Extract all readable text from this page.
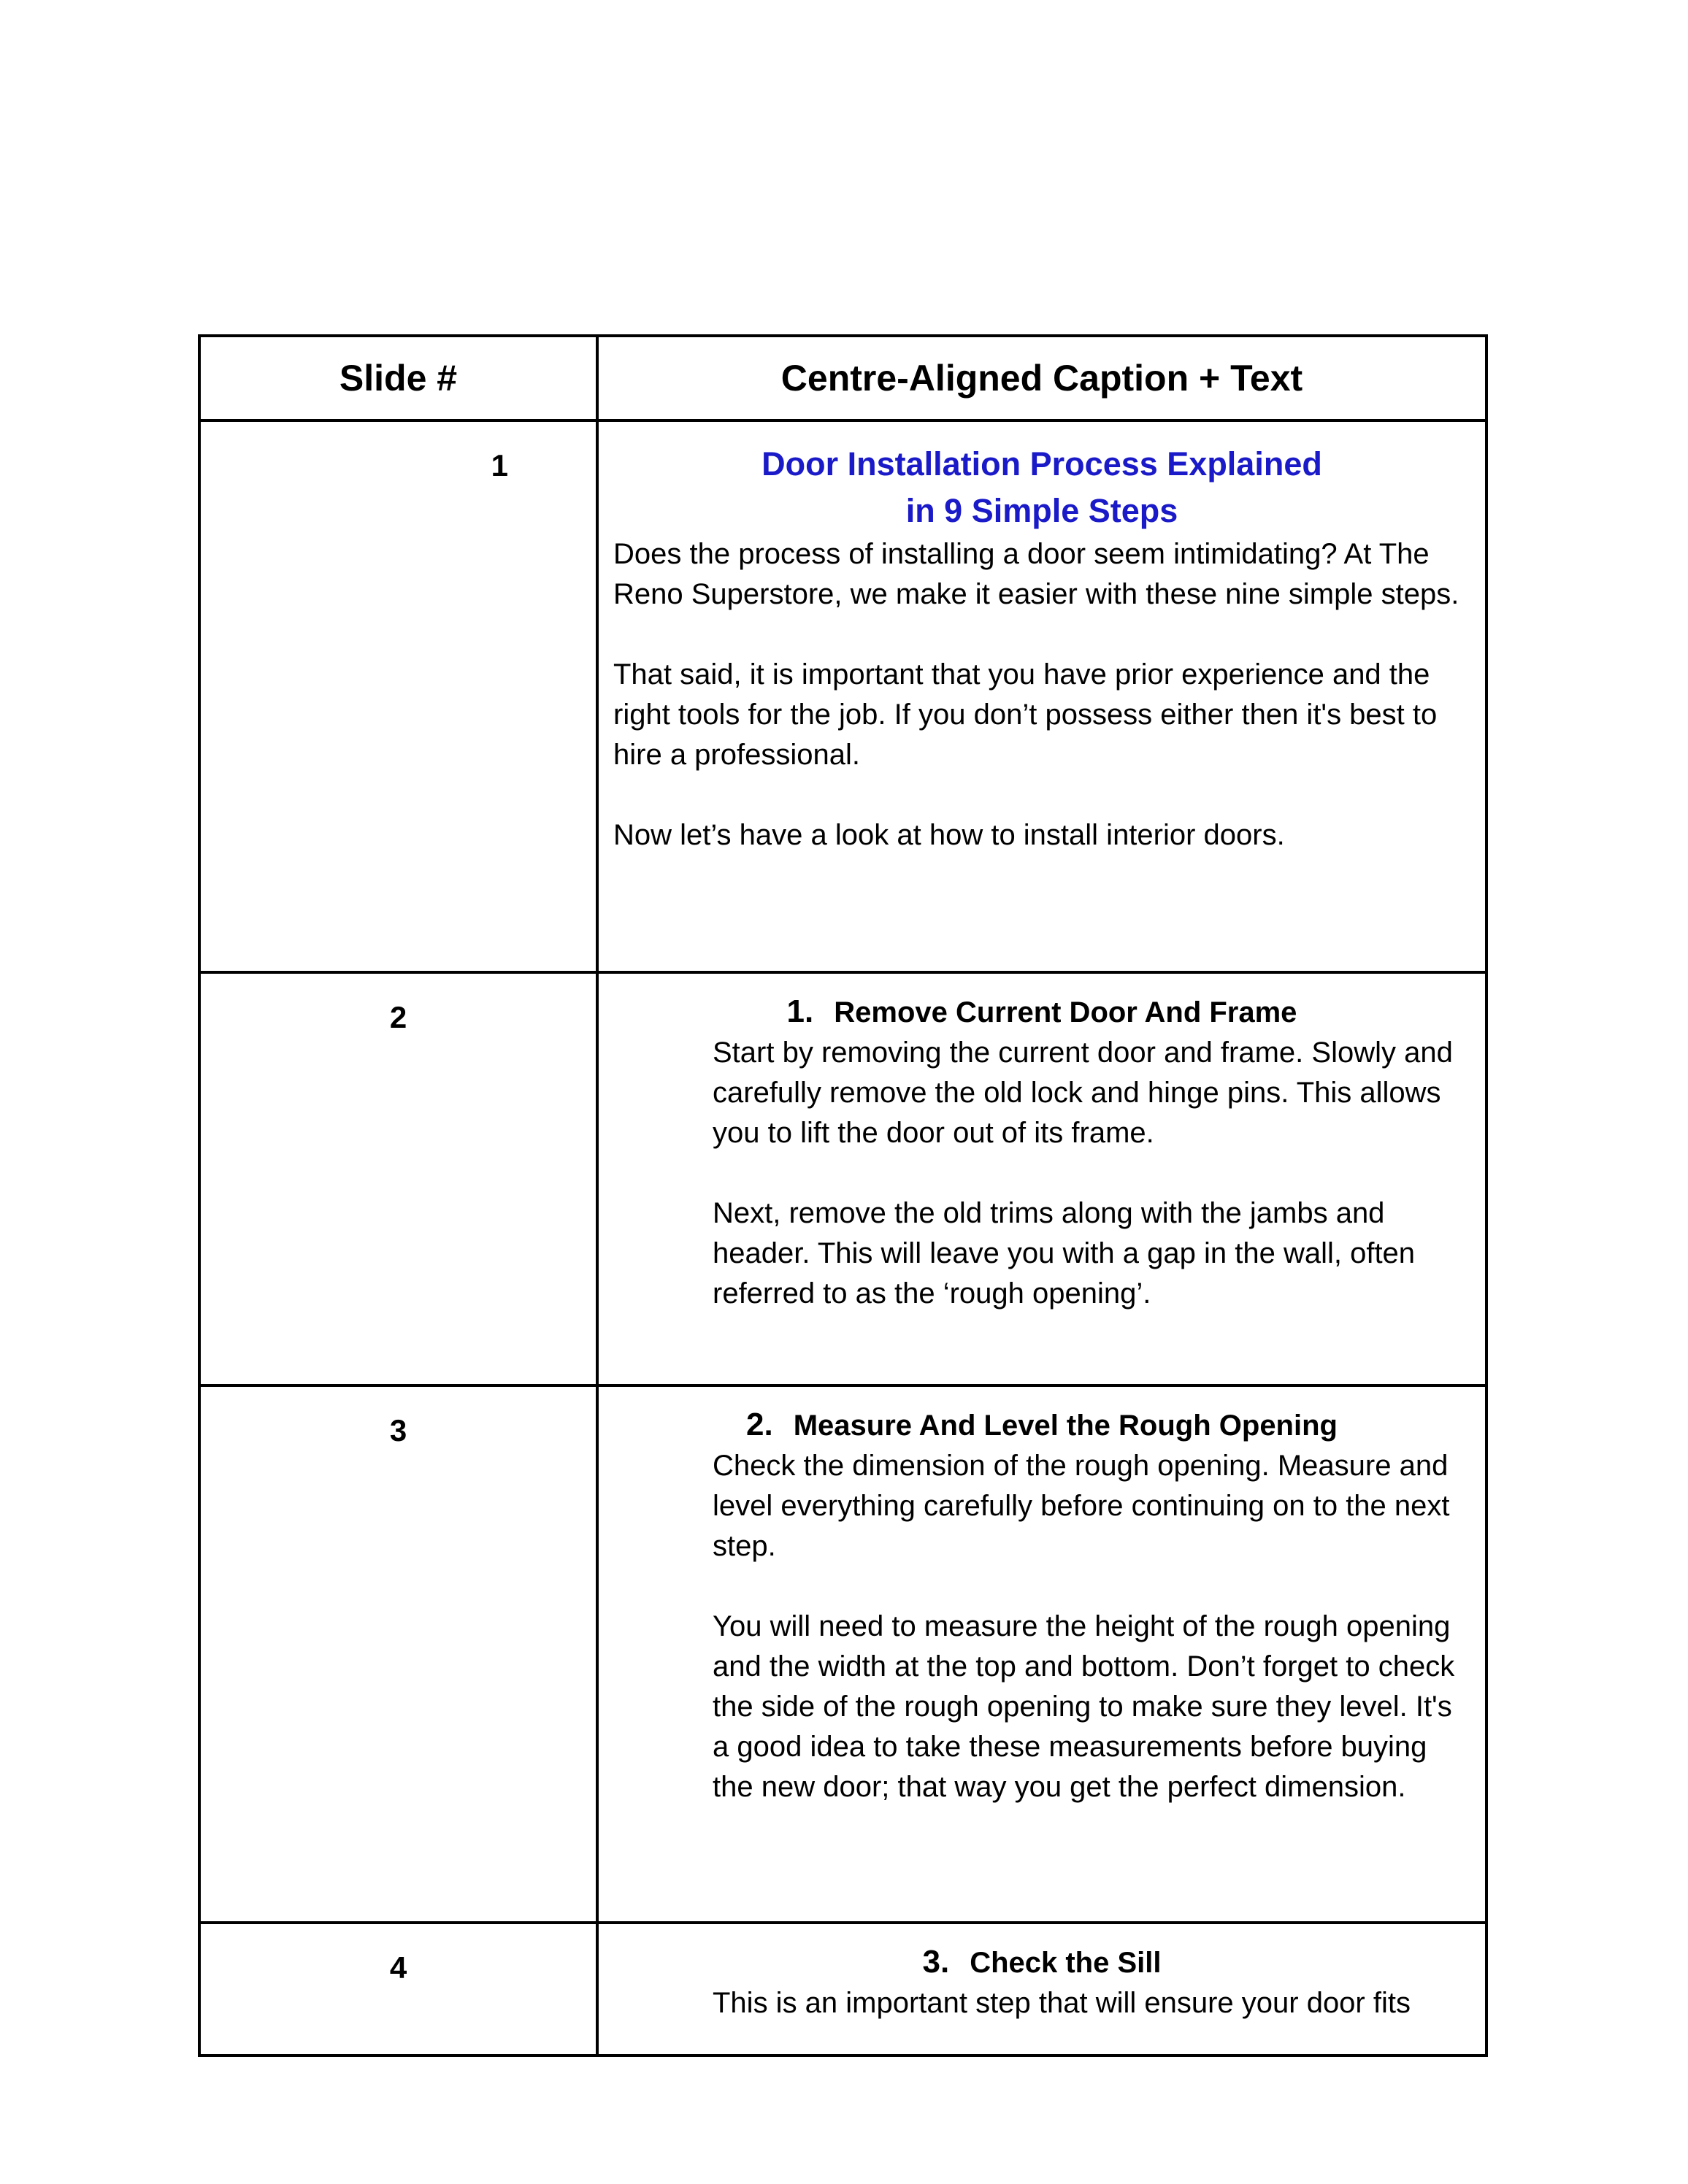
Slide #	Centre-Aligned Caption + Text
1	Door Installation Process Explained
in 9 Simple Steps

Does the process of installing a door seem intimidating? At The Reno Superstore, we make it easier with these nine simple steps.

That said, it is important that you have prior experience and the right tools for the job. If you don’t possess either then it's best to hire a professional.

Now let’s have a look at how to install interior doors.

2	1. Remove Current Door And Frame

Start by removing the current door and frame. Slowly and carefully remove the old lock and hinge pins. This allows you to lift the door out of its frame.

Next, remove the old trims along with the jambs and header. This will leave you with a gap in the wall, often referred to as the ‘rough opening’.

3	2. Measure And Level the Rough Opening

Check the dimension of the rough opening. Measure and level everything carefully before continuing on to the next step.

You will need to measure the height of the rough opening and the width at the top and bottom. Don’t forget to check the side of the rough opening to make sure they level. It's a good idea to take these measurements before buying the new door; that way you get the perfect dimension.

4	3. Check the Sill

This is an important step that will ensure your door fits
